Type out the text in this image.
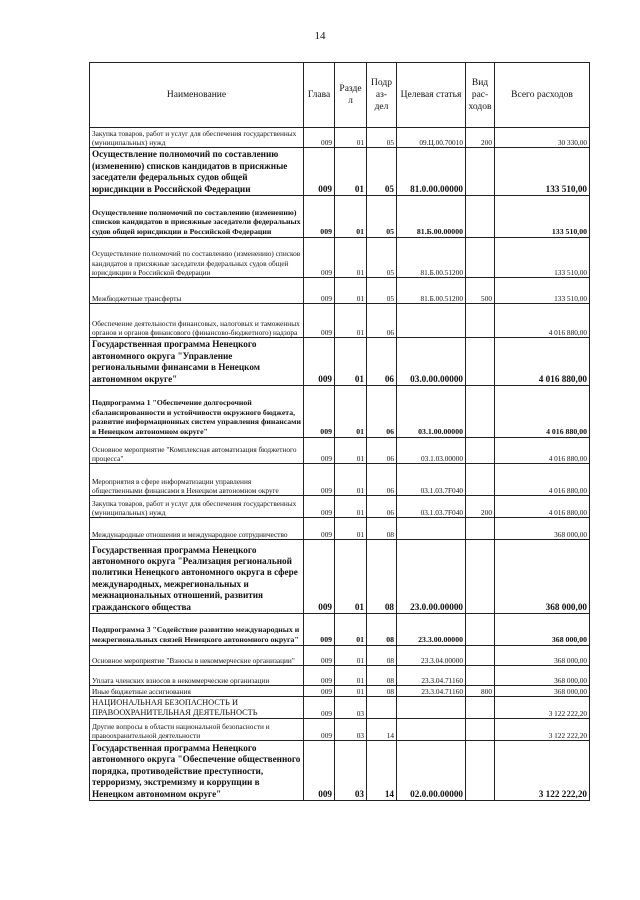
14
Наименование	Глава	Разде л	Подр аз- дел	Целевая статья	Вид рас- ходов	Всего расходов
Закупка товаров, работ и услуг для обеспечения государственных (муниципальных) нужд	009	01	05	09.Ц.00.70010	200	30 330,00
Осуществление полномочий по составлению (изменению) списков кандидатов в присяжные заседатели федеральных судов общей юрисдикции в Российской Федерации	009	01	05	81.0.00.00000		133 510,00
Осуществление полномочий по составлению (изменению) списков кандидатов в присяжные заседатели федеральных судов общей юрисдикции в Российской Федерации	009	01	05	81.Б.00.00000		133 510,00
Осуществление полномочий по составлению (изменению) списков кандидатов в присяжные заседатели федеральных судов общей юрисдикции в Российской Федерации	009	01	05	81.Б.00.51200		133 510,00
Межбюджетные трансферты	009	01	05	81.Б.00.51200	500	133 510,00
Обеспечение деятельности финансовых, налоговых и таможенных органов и органов финансового (финансово-бюджетного) надзора	009	01	06			4 016 880,00
Государственная программа Ненецкого автономного округа "Управление региональными финансами в Ненецком автономном округе"	009	01	06	03.0.00.00000		4 016 880,00
Подпрограмма 1 "Обеспечение долгосрочной сбалансированности и устойчивости окружного бюджета, развитие информационных систем управления финансами в Ненецком автономном округе"	009	01	06	03.1.00.00000		4 016 880,00
Основное мероприятие "Комплексная автоматизация бюджетного процесса"	009	01	06	03.1.03.00000		4 016 880,00
Мероприятия в сфере информатизации управления общественными финансами в Ненецком автономном округе	009	01	06	03.1.03.7F040		4 016 880,00
Закупка товаров, работ и услуг для обеспечения государственных (муниципальных) нужд	009	01	06	03.1.03.7F040	200	4 016 880,00
Международные отношения и международное сотрудничество	009	01	08			368 000,00
Государственная программа Ненецкого автономного округа "Реализация региональной политики Ненецкого автономного округа в сфере международных, межрегиональных и межнациональных отношений, развития гражданского общества	009	01	08	23.0.00.00000		368 000,00
Подпрограмма 3 "Содействие развитию международных и межрегиональных связей Ненецкого автономного округа"	009	01	08	23.3.00.00000		368 000,00
Основное мероприятие "Взносы в некоммерческие организации"	009	01	08	23.3.04.00000		368 000,00
Уплата членских взносов в некоммерческие организации	009	01	08	23.3.04.71160		368 000,00
Иные бюджетные ассигнования	009	01	08	23.3.04.71160	800	368 000,00
НАЦИОНАЛЬНАЯ БЕЗОПАСНОСТЬ И ПРАВООХРАНИТЕЛЬНАЯ ДЕЯТЕЛЬНОСТЬ	009	03				3 122 222,20
Другие вопросы в области национальной безопасности и правоохранительной деятельности	009	03	14			3 122 222,20
Государственная программа Ненецкого автономного округа "Обеспечение общественного порядка, противодействие преступности, терроризму, экстремизму и коррупции в Ненецком автономном округе"	009	03	14	02.0.00.00000		3 122 222,20
